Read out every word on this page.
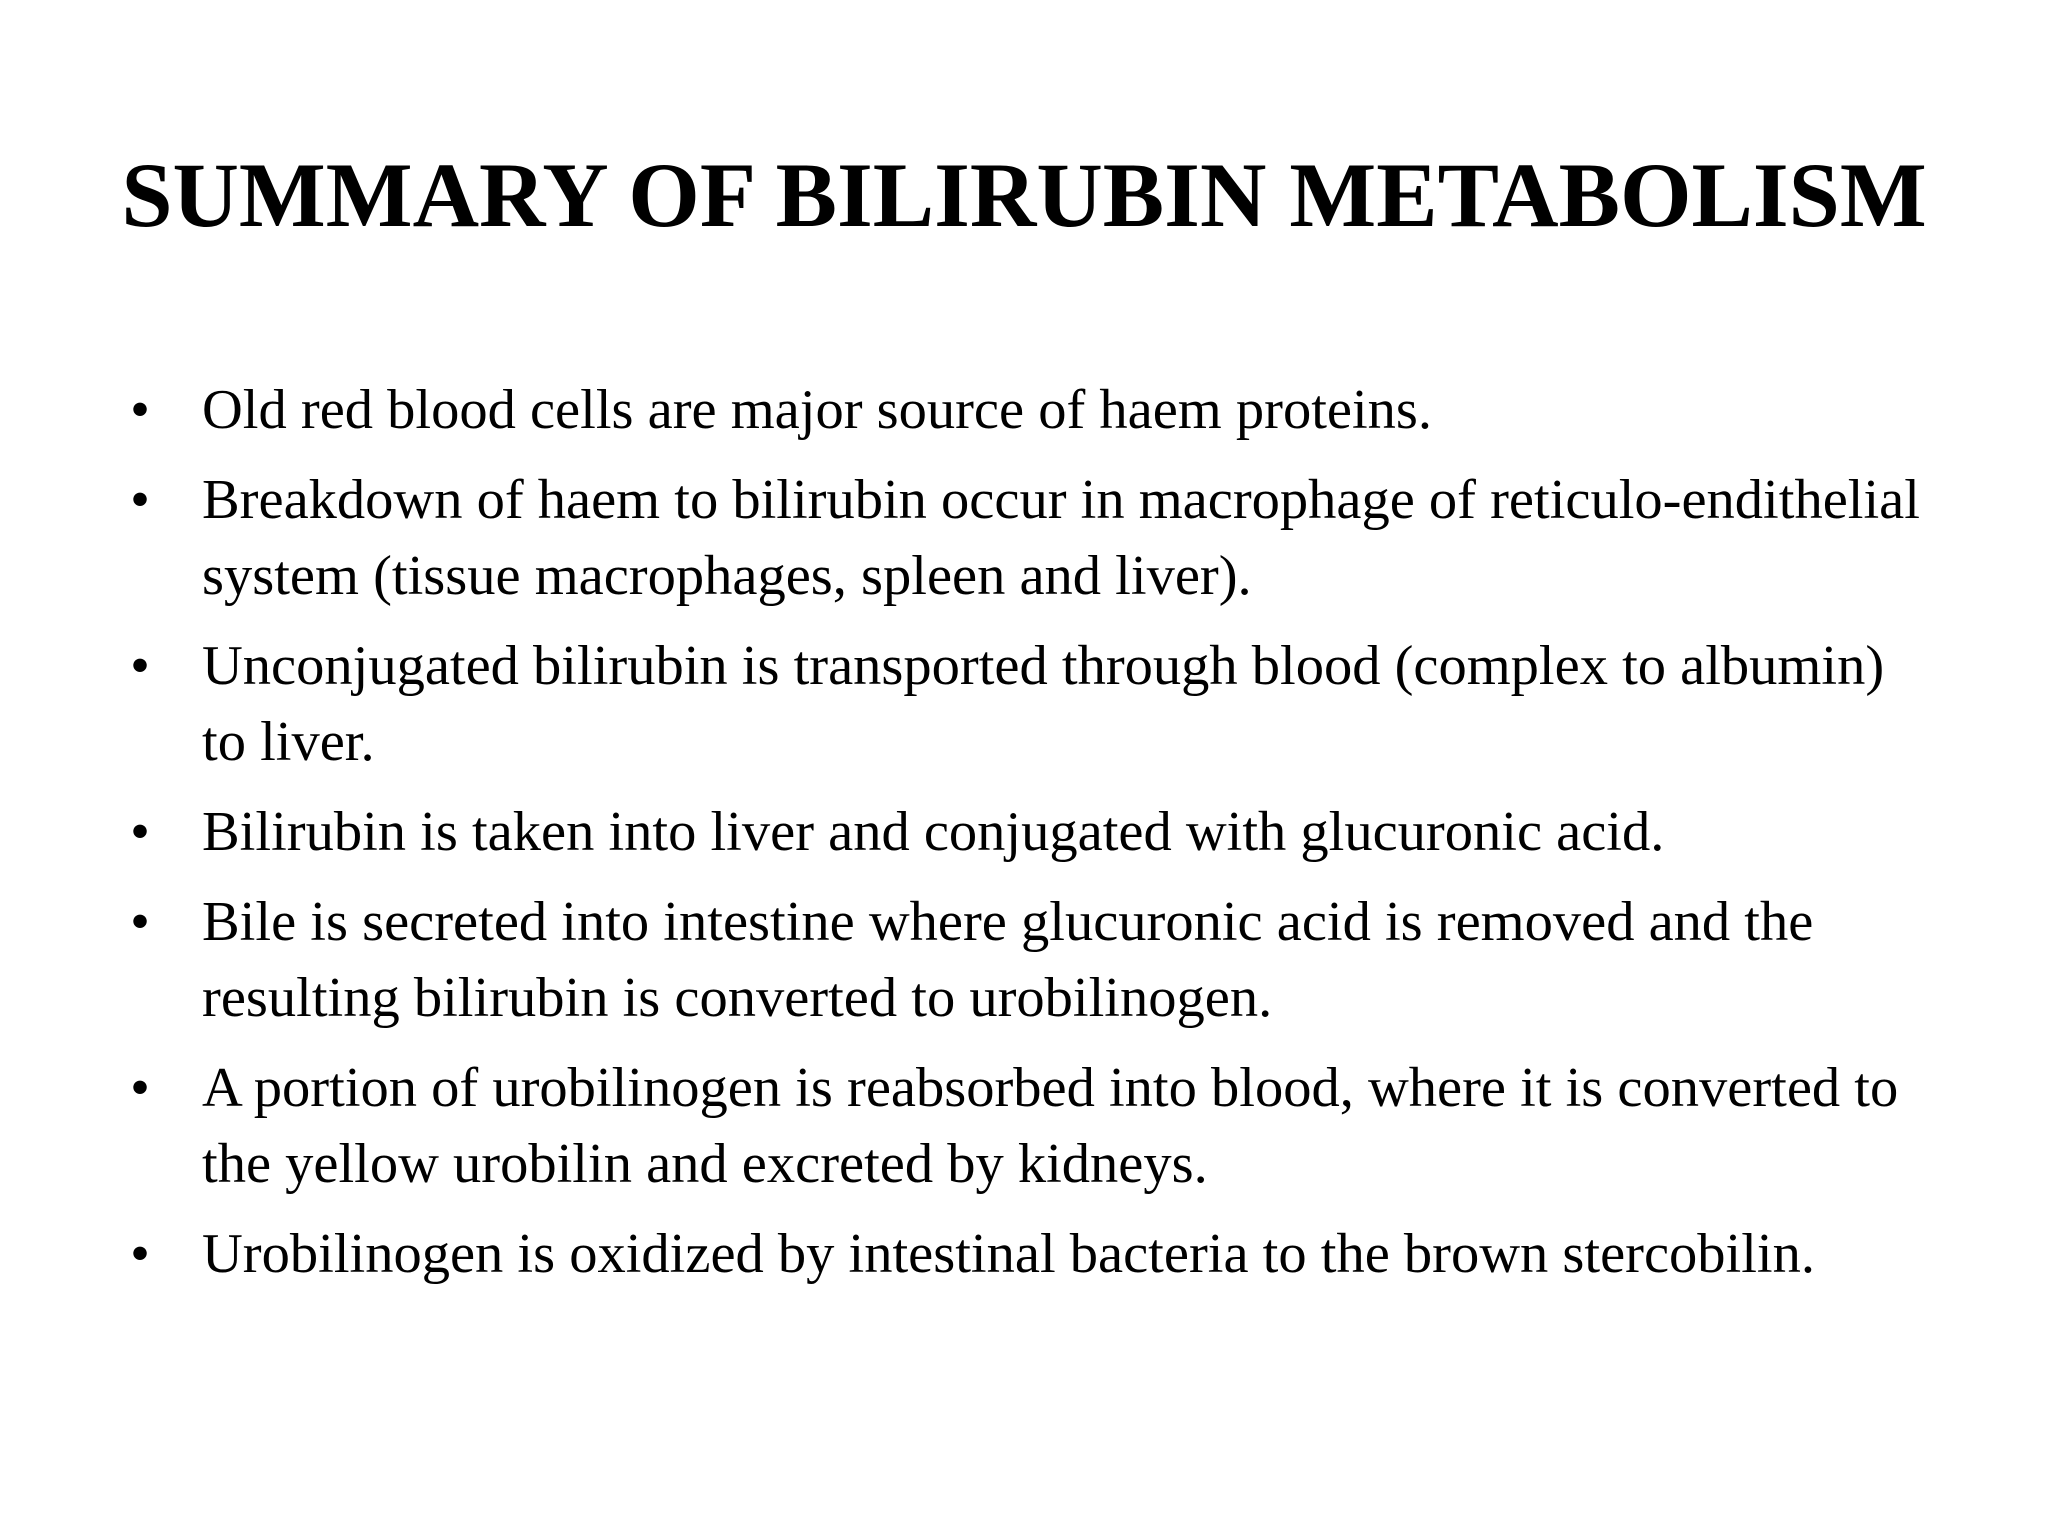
SUMMARY OF BILIRUBIN METABOLISM
• Old red blood cells are major source of haem proteins.
• Breakdown of haem to bilirubin occur in macrophage of reticulo-endithelial system (tissue macrophages, spleen and liver).
• Unconjugated bilirubin is transported through blood (complex to albumin) to liver.
• Bilirubin is taken into liver and conjugated with glucuronic acid.
• Bile is secreted into intestine where glucuronic acid is removed and the resulting bilirubin is converted to urobilinogen.
• A portion of urobilinogen is reabsorbed into blood, where it is converted to the yellow urobilin and excreted by kidneys.
• Urobilinogen is oxidized by intestinal bacteria to the brown stercobilin.
